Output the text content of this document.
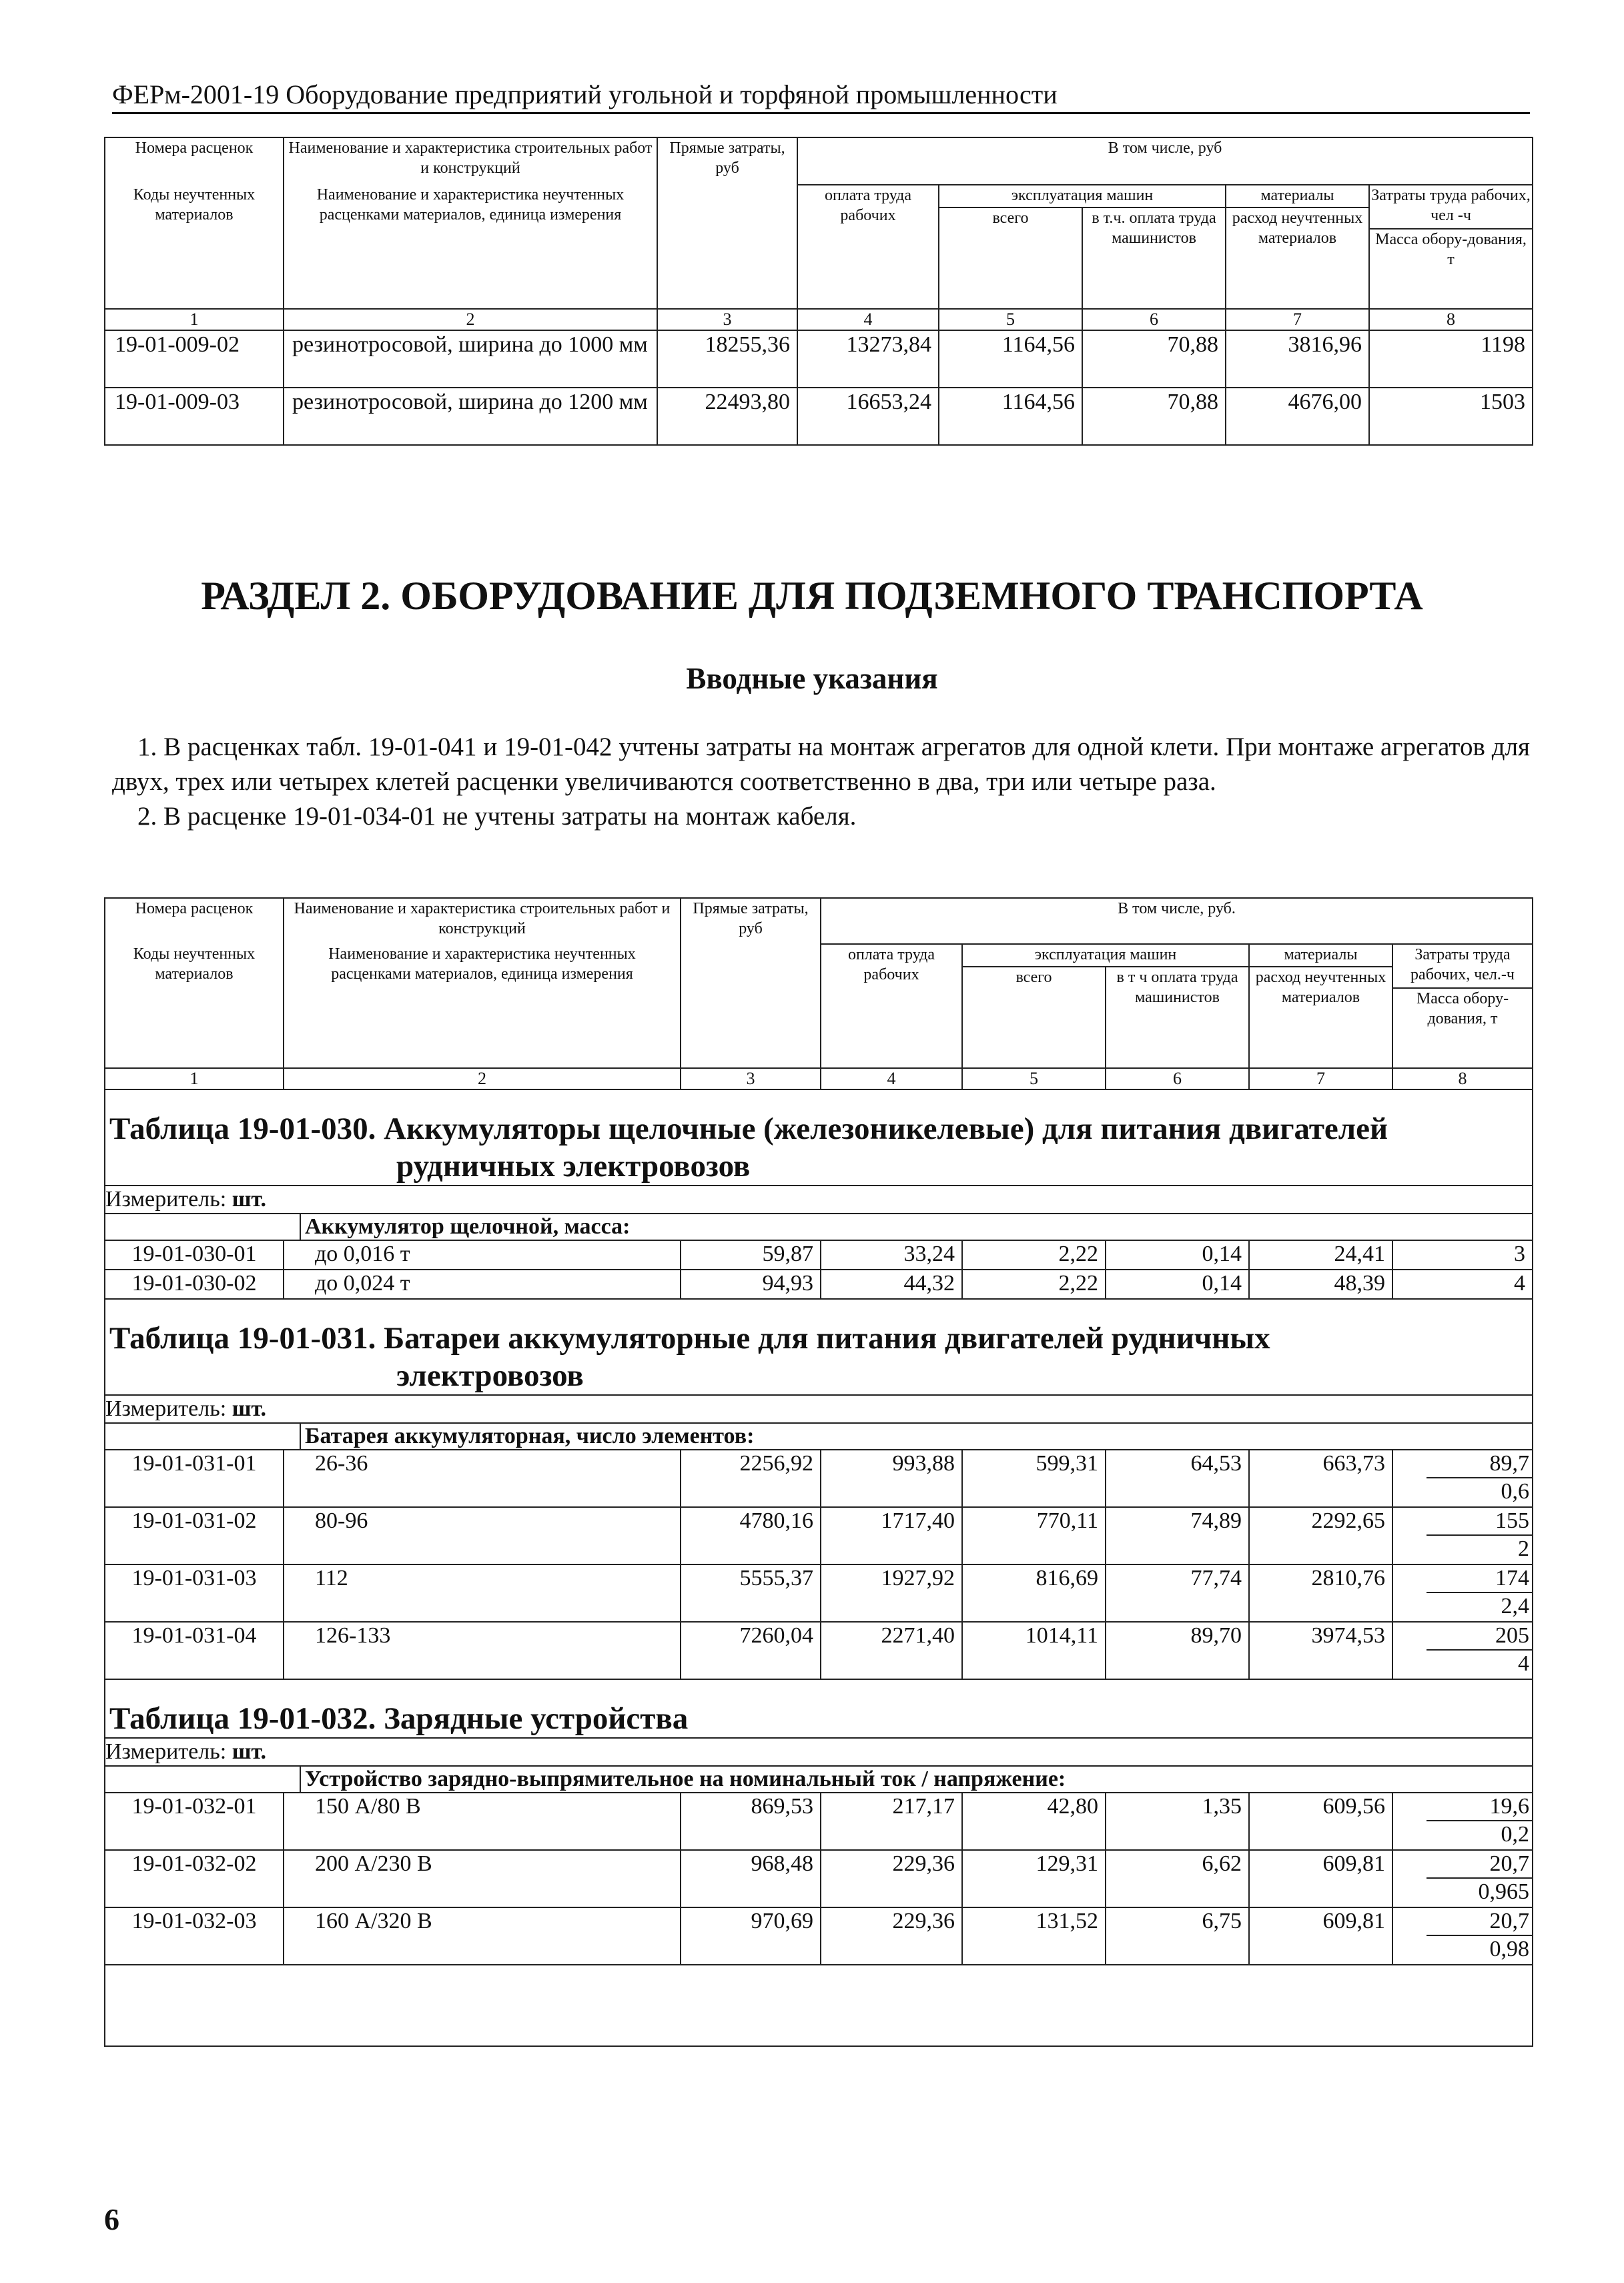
ФЕРм-2001-19 Оборудование предприятий угольной и торфяной промышленности
Номера расценок	Наименование и характеристика строительных работ и конструкций	Прямые затраты, руб	В том числе, руб				
Коды неучтенных материалов	Наименование и характеристика неучтенных расценками материалов, единица измерения		оплата труда рабочих	эксплуатация машин		материалы	Затраты труда рабочих, чел -ч
Масса обору-дования, т

				всего	в т.ч. оплата труда машинистов	расход неучтенных материалов	
1	2	3	4	5	6	7	8
19-01-009-02	резинотросовой, ширина до 1000 мм	18255,36	13273,84	1164,56	70,88	3816,96	1198
19-01-009-03	резинотросовой, ширина до 1200 мм	22493,80	16653,24	1164,56	70,88	4676,00	1503
РАЗДЕЛ 2. ОБОРУДОВАНИЕ ДЛЯ ПОДЗЕМНОГО ТРАНСПОРТА
Вводные указания

1. В расценках табл. 19-01-041 и 19-01-042 учтены затраты на монтаж агрегатов для одной клети. При монтаже агрегатов для двух, трех или четырех клетей расценки увеличиваются соответственно в два, три или четыре раза.

2. В расценке 19-01-034-01 не учтены затраты на монтаж кабеля.

Номера расценок	Наименование и характеристика строительных работ и конструкций		Прямые затраты, руб	В том числе, руб.				
Коды неучтенных материалов	Наименование и характеристика неучтенных расценками материалов, единица измерения			оплата труда рабочих	эксплуатация машин		материалы	Затраты труда рабочих, чел.-ч
Масса обору-дования, т

					всего	в т ч оплата труда машинистов	расход неучтенных материалов	
1	2		3	4	5	6	7	8
Таблица 19-01-030. Аккумуляторы щелочные (железоникелевые) для питания двигателей
рудничных электровозов								

Измеритель: шт.								
		Аккумулятор щелочной, масса:						
19-01-030-01	до 0,016 т		59,87	33,24	2,22	0,14	24,41	3
19-01-030-02	до 0,024 т		94,93	44,32	2,22	0,14	48,39	4
Таблица 19-01-031. Батареи аккумуляторные для питания двигателей рудничных
электровозов								

Измеритель: шт.								
		Батарея аккумуляторная, число элементов:						
19-01-031-01	26-36		2256,92	993,88	599,31	64,53	663,73	89,7
0,6

19-01-031-02	80-96		4780,16	1717,40	770,11	74,89	2292,65	155
2

19-01-031-03	112		5555,37	1927,92	816,69	77,74	2810,76	174
2,4

19-01-031-04	126-133		7260,04	2271,40	1014,11	89,70	3974,53	205
4

Таблица 19-01-032. Зарядные устройства								
Измеритель: шт.								
		Устройство зарядно-выпрямительное на номинальный ток / напряжение:						
19-01-032-01	150 А/80 В		869,53	217,17	42,80	1,35	609,56	19,6
0,2

19-01-032-02	200 А/230 В		968,48	229,36	129,31	6,62	609,81	20,7
0,965

19-01-032-03	160 А/320 В		970,69	229,36	131,52	6,75	609,81	20,7
0,98

6
